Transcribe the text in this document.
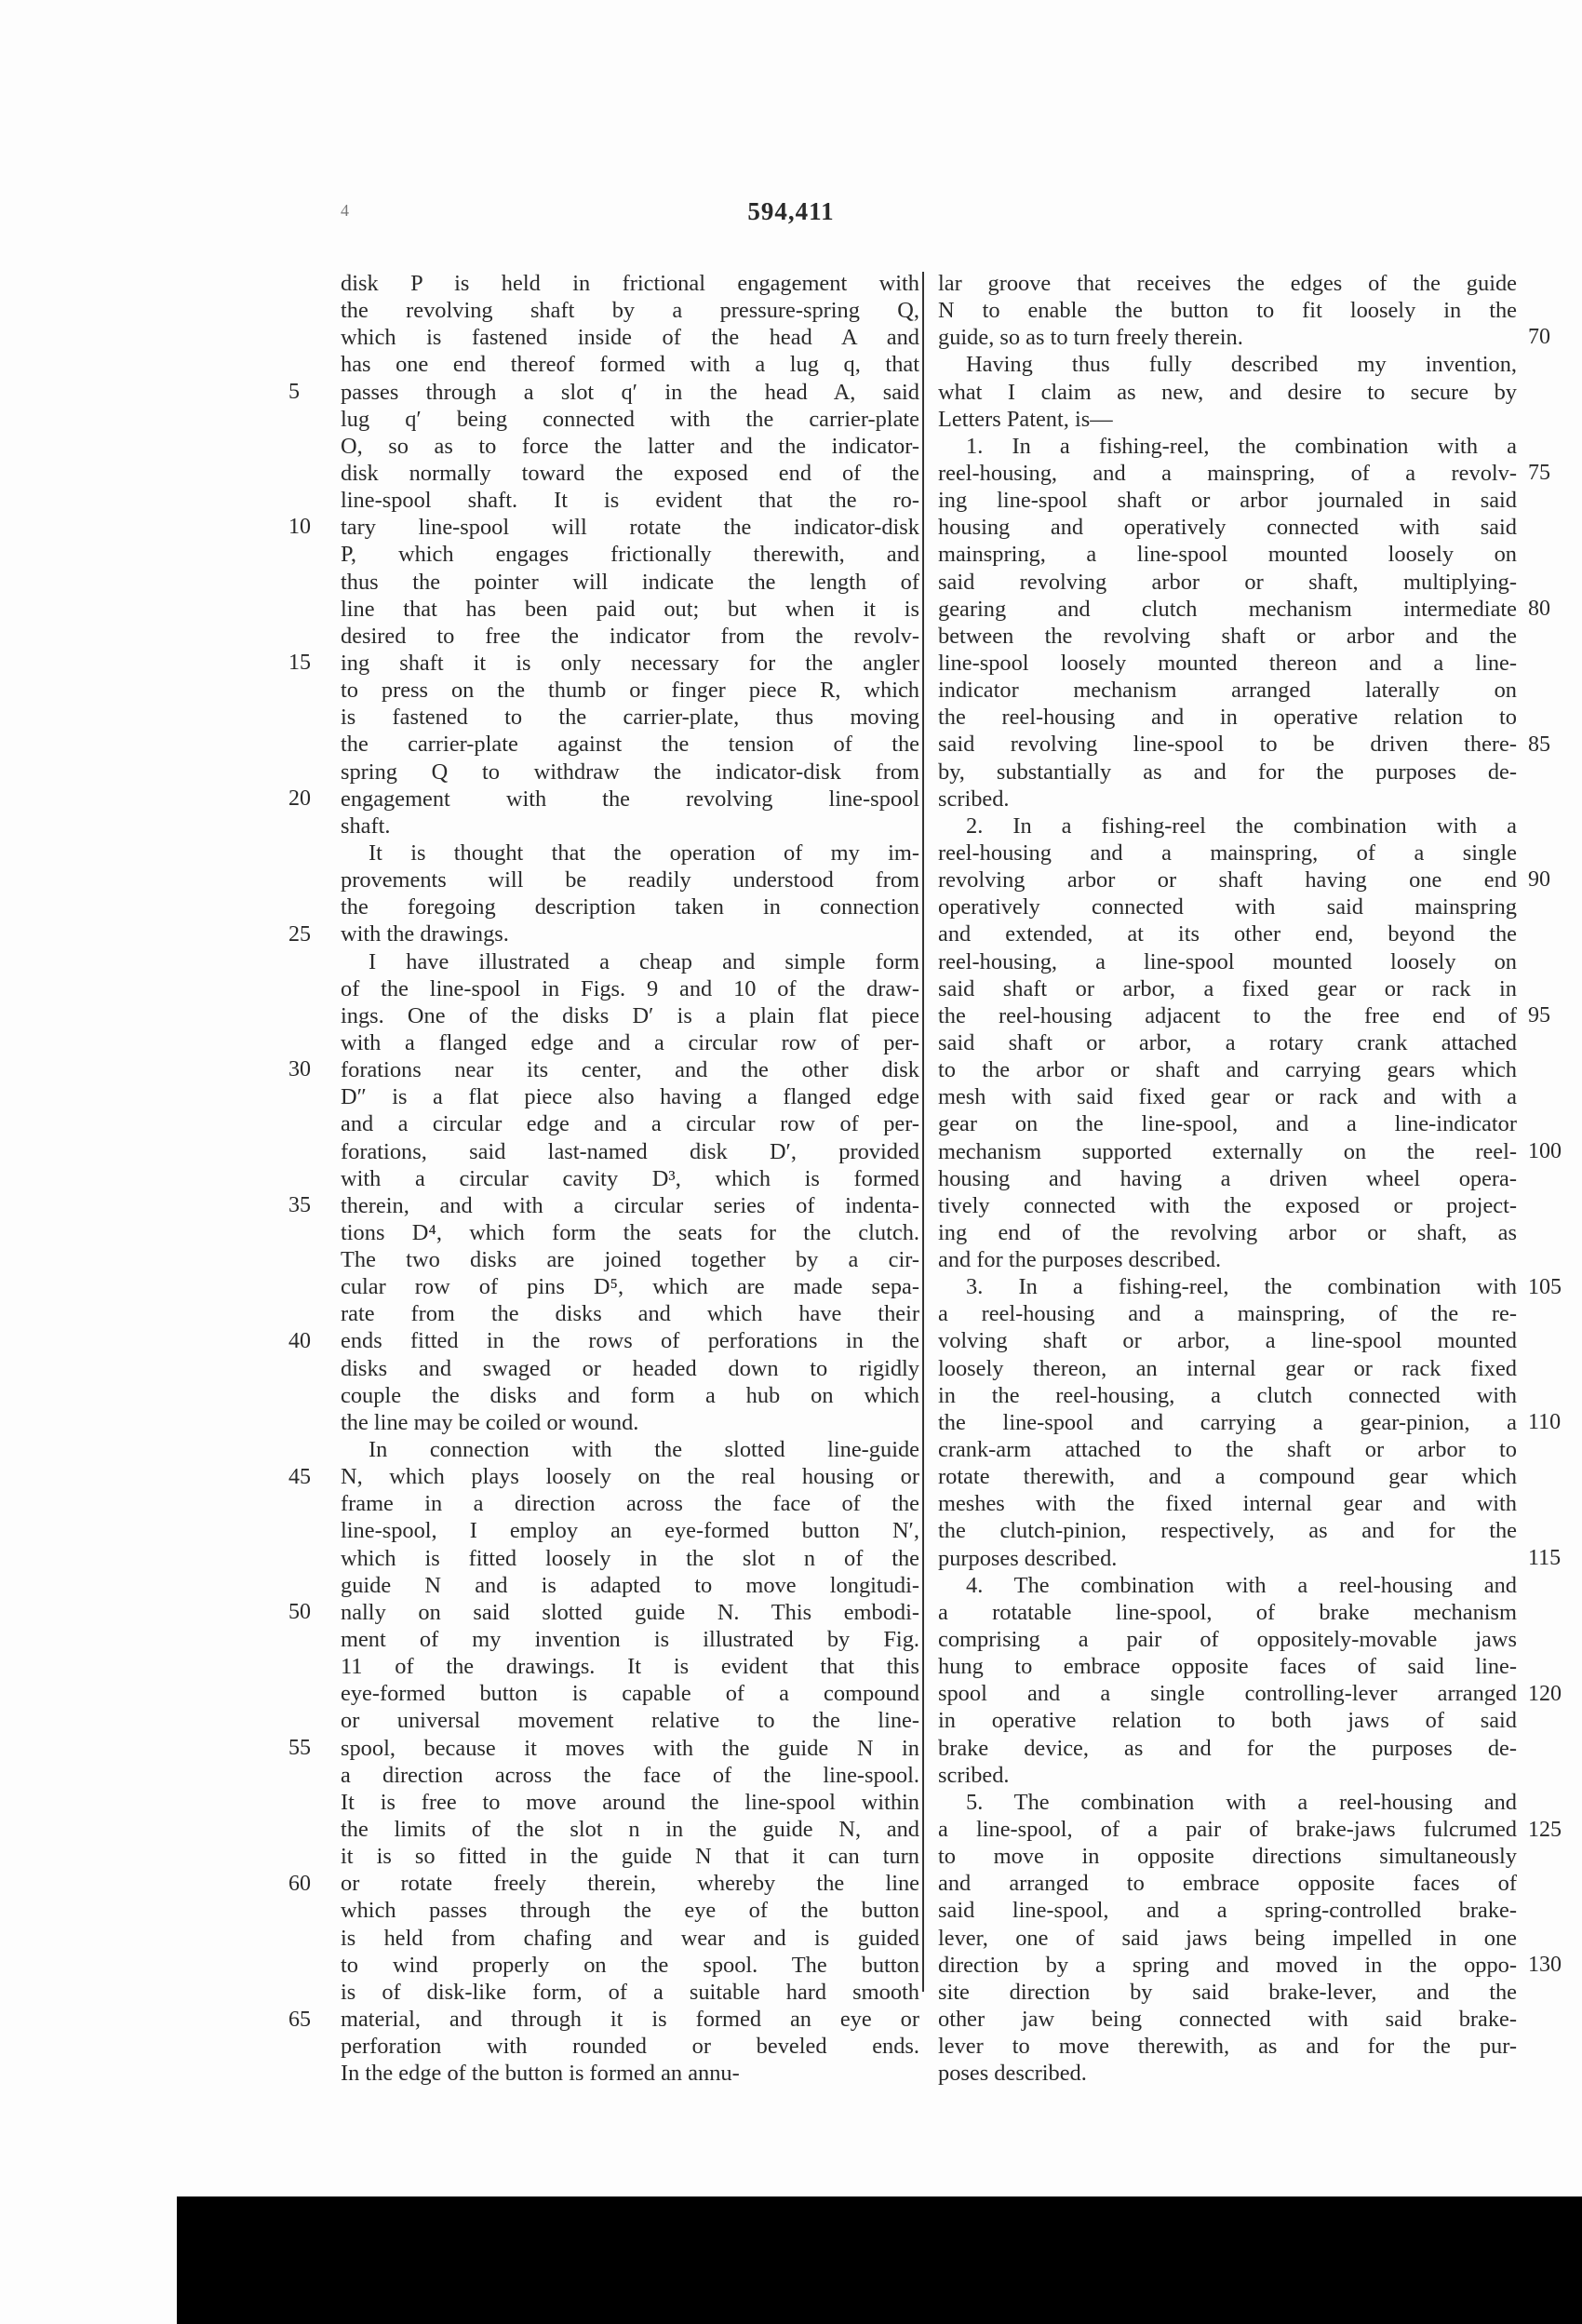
594,411
4
5
10
15
20
25
30
35
40
45
50
55
60
65
disk P is held in frictional engagement with
the revolving shaft by a pressure-spring Q,
which is fastened inside of the head A and
has one end thereof formed with a lug q, that
passes through a slot q′ in the head A, said
lug q′ being connected with the carrier-plate
O, so as to force the latter and the indicator-
disk normally toward the exposed end of the
line-spool shaft. It is evident that the ro-
tary line-spool will rotate the indicator-disk
P, which engages frictionally therewith, and
thus the pointer will indicate the length of
line that has been paid out; but when it is
desired to free the indicator from the revolv-
ing shaft it is only necessary for the angler
to press on the thumb or finger piece R, which
is fastened to the carrier-plate, thus moving
the carrier-plate against the tension of the
spring Q to withdraw the indicator-disk from
engagement with the revolving line-spool
shaft.
It is thought that the operation of my im-
provements will be readily understood from
the foregoing description taken in connection
with the drawings.
I have illustrated a cheap and simple form
of the line-spool in Figs. 9 and 10 of the draw-
ings. One of the disks D′ is a plain flat piece
with a flanged edge and a circular row of per-
forations near its center, and the other disk
D″ is a flat piece also having a flanged edge
and a circular edge and a circular row of per-
forations, said last-named disk D′, provided
with a circular cavity D³, which is formed
therein, and with a circular series of indenta-
tions D⁴, which form the seats for the clutch.
The two disks are joined together by a cir-
cular row of pins D⁵, which are made sepa-
rate from the disks and which have their
ends fitted in the rows of perforations in the
disks and swaged or headed down to rigidly
couple the disks and form a hub on which
the line may be coiled or wound.
In connection with the slotted line-guide
N, which plays loosely on the real housing or
frame in a direction across the face of the
line-spool, I employ an eye-formed button N′,
which is fitted loosely in the slot n of the
guide N and is adapted to move longitudi-
nally on said slotted guide N. This embodi-
ment of my invention is illustrated by Fig.
11 of the drawings. It is evident that this
eye-formed button is capable of a compound
or universal movement relative to the line-
spool, because it moves with the guide N in
a direction across the face of the line-spool.
It is free to move around the line-spool within
the limits of the slot n in the guide N, and
it is so fitted in the guide N that it can turn
or rotate freely therein, whereby the line
which passes through the eye of the button
is held from chafing and wear and is guided
to wind properly on the spool. The button
is of disk-like form, of a suitable hard smooth
material, and through it is formed an eye or
perforation with rounded or beveled ends.
In the edge of the button is formed an annu-
lar groove that receives the edges of the guide
N to enable the button to fit loosely in the
guide, so as to turn freely therein.
Having thus fully described my invention,
what I claim as new, and desire to secure by
Letters Patent, is—
1. In a fishing-reel, the combination with a
reel-housing, and a mainspring, of a revolv-
ing line-spool shaft or arbor journaled in said
housing and operatively connected with said
mainspring, a line-spool mounted loosely on
said revolving arbor or shaft, multiplying-
gearing and clutch mechanism intermediate
between the revolving shaft or arbor and the
line-spool loosely mounted thereon and a line-
indicator mechanism arranged laterally on
the reel-housing and in operative relation to
said revolving line-spool to be driven there-
by, substantially as and for the purposes de-
scribed.
2. In a fishing-reel the combination with a
reel-housing and a mainspring, of a single
revolving arbor or shaft having one end
operatively connected with said mainspring
and extended, at its other end, beyond the
reel-housing, a line-spool mounted loosely on
said shaft or arbor, a fixed gear or rack in
the reel-housing adjacent to the free end of
said shaft or arbor, a rotary crank attached
to the arbor or shaft and carrying gears which
mesh with said fixed gear or rack and with a
gear on the line-spool, and a line-indicator
mechanism supported externally on the reel-
housing and having a driven wheel opera-
tively connected with the exposed or project-
ing end of the revolving arbor or shaft, as
and for the purposes described.
3. In a fishing-reel, the combination with
a reel-housing and a mainspring, of the re-
volving shaft or arbor, a line-spool mounted
loosely thereon, an internal gear or rack fixed
in the reel-housing, a clutch connected with
the line-spool and carrying a gear-pinion, a
crank-arm attached to the shaft or arbor to
rotate therewith, and a compound gear which
meshes with the fixed internal gear and with
the clutch-pinion, respectively, as and for the
purposes described.
4. The combination with a reel-housing and
a rotatable line-spool, of brake mechanism
comprising a pair of oppositely-movable jaws
hung to embrace opposite faces of said line-
spool and a single controlling-lever arranged
in operative relation to both jaws of said
brake device, as and for the purposes de-
scribed.
5. The combination with a reel-housing and
a line-spool, of a pair of brake-jaws fulcrumed
to move in opposite directions simultaneously
and arranged to embrace opposite faces of
said line-spool, and a spring-controlled brake-
lever, one of said jaws being impelled in one
direction by a spring and moved in the oppo-
site direction by said brake-lever, and the
other jaw being connected with said brake-
lever to move therewith, as and for the pur-
poses described.
70
75
80
85
90
95
100
105
110
115
120
125
130
